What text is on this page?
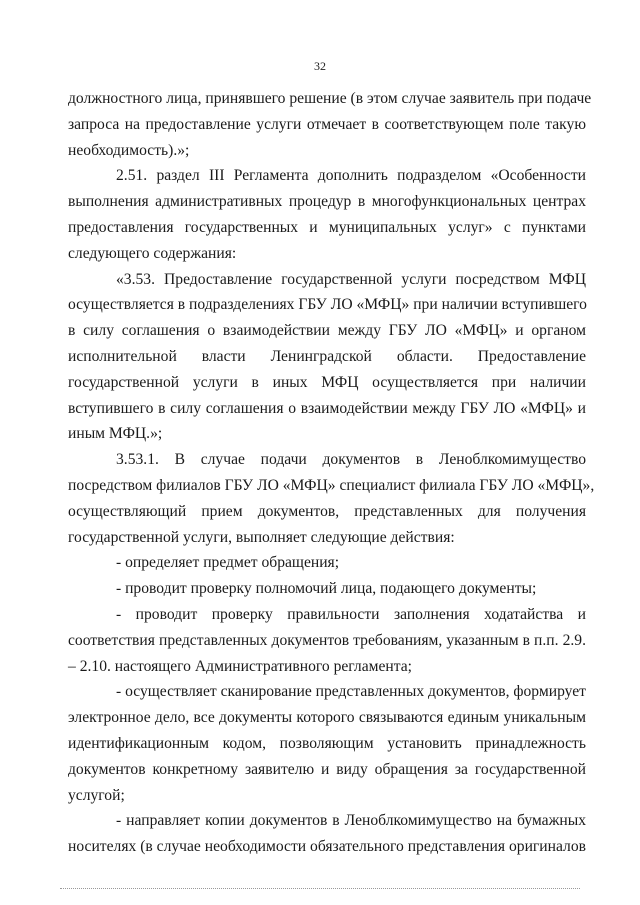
32
должностного лица, принявшего решение (в этом случае заявитель при подаче
запроса на предоставление услуги отмечает в соответствующем поле такую
необходимость).»;
2.51. раздел III Регламента дополнить подразделом «Особенности
выполнения административных процедур в многофункциональных центрах
предоставления государственных и муниципальных услуг» с пунктами
следующего содержания:
«3.53. Предоставление государственной услуги посредством МФЦ
осуществляется в подразделениях ГБУ ЛО «МФЦ» при наличии вступившего
в силу соглашения о взаимодействии между ГБУ ЛО «МФЦ» и органом
исполнительной власти Ленинградской области. Предоставление
государственной услуги в иных МФЦ осуществляется при наличии
вступившего в силу соглашения о взаимодействии между ГБУ ЛО «МФЦ» и
иным МФЦ.»;
3.53.1. В случае подачи документов в Леноблкомимущество
посредством филиалов ГБУ ЛО «МФЦ» специалист филиала ГБУ ЛО «МФЦ»,
осуществляющий прием документов, представленных для получения
государственной услуги, выполняет следующие действия:
- определяет предмет обращения;
- проводит проверку полномочий лица, подающего документы;
- проводит проверку правильности заполнения ходатайства и
соответствия представленных документов требованиям, указанным в п.п. 2.9.
– 2.10. настоящего Административного регламента;
- осуществляет сканирование представленных документов, формирует
электронное дело, все документы которого связываются единым уникальным
идентификационным кодом, позволяющим установить принадлежность
документов конкретному заявителю и виду обращения за государственной
услугой;
- направляет копии документов в Леноблкомимущество на бумажных
носителях (в случае необходимости обязательного представления оригиналов
